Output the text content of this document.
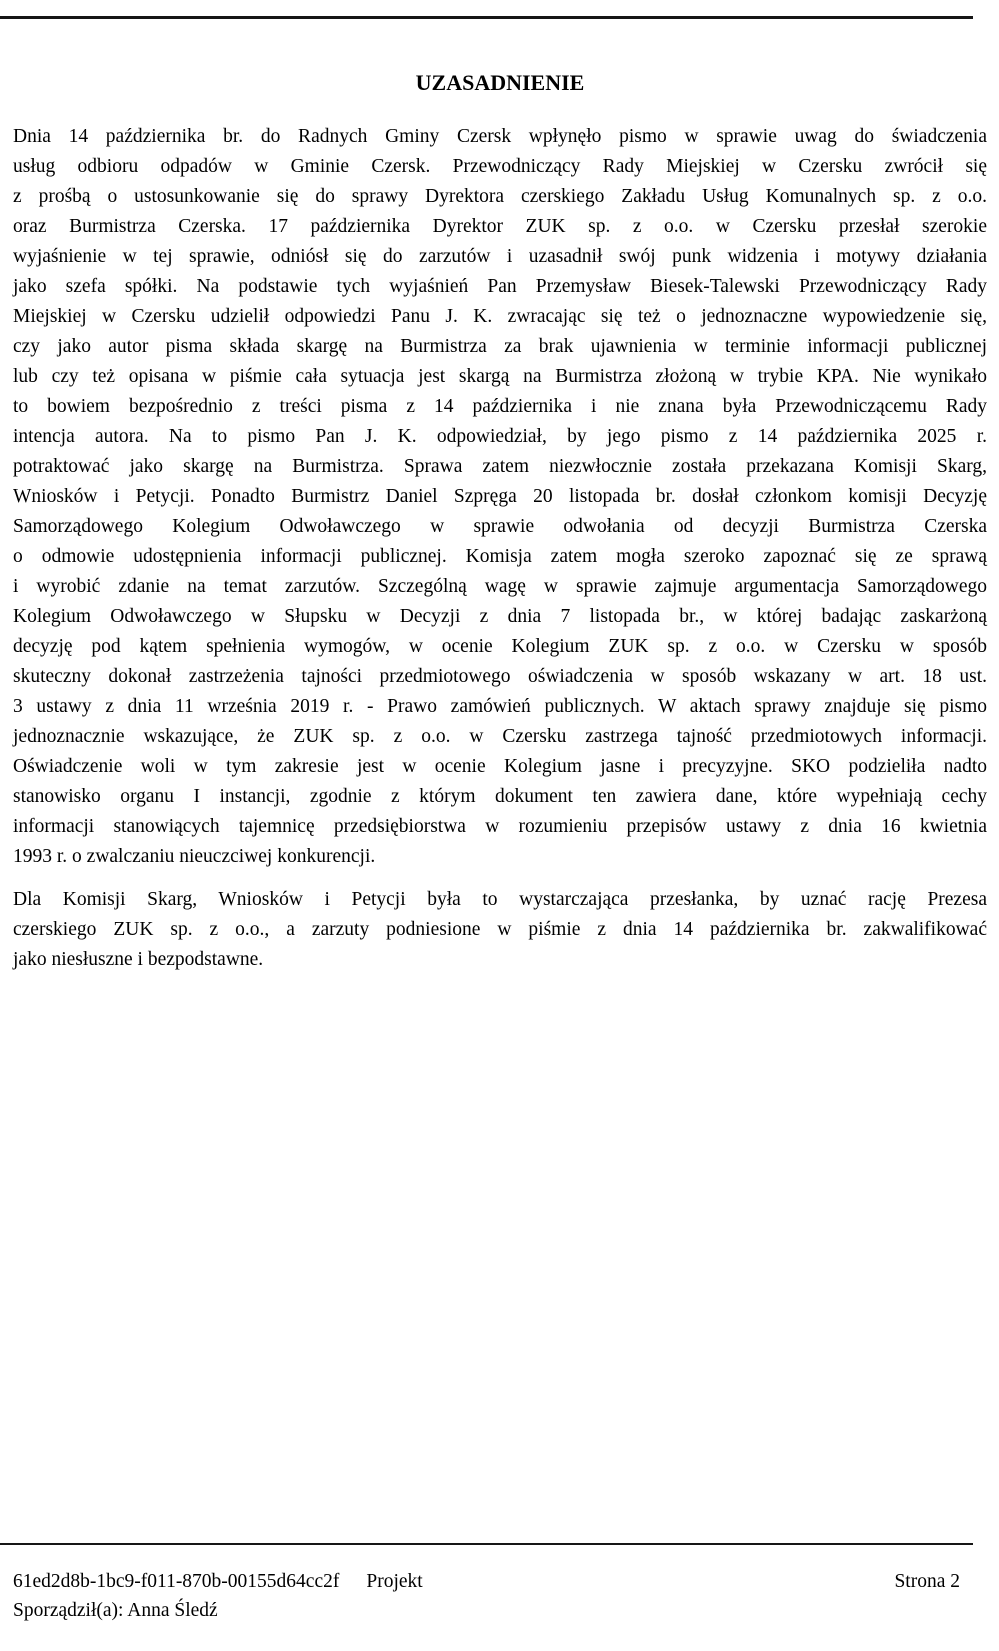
UZASADNIENIE
Dnia 14 października br. do Radnych Gminy Czersk wpłynęło pismo w sprawie uwag do świadczenia
usług odbioru odpadów w Gminie Czersk. Przewodniczący Rady Miejskiej w Czersku zwrócił się
z prośbą o ustosunkowanie się do sprawy Dyrektora czerskiego Zakładu Usług Komunalnych sp. z o.o.
oraz Burmistrza Czerska. 17 października Dyrektor ZUK sp. z o.o. w Czersku przesłał szerokie
wyjaśnienie w tej sprawie, odniósł się do zarzutów i uzasadnił swój punk widzenia i motywy działania
jako szefa spółki. Na podstawie tych wyjaśnień Pan Przemysław Biesek-Talewski Przewodniczący Rady
Miejskiej w Czersku udzielił odpowiedzi Panu J. K. zwracając się też o jednoznaczne wypowiedzenie się,
czy jako autor pisma składa skargę na Burmistrza za brak ujawnienia w terminie informacji publicznej
lub czy też opisana w piśmie cała sytuacja jest skargą na Burmistrza złożoną w trybie KPA. Nie wynikało
to bowiem bezpośrednio z treści pisma z 14 października i nie znana była Przewodniczącemu Rady
intencja autora. Na to pismo Pan J. K. odpowiedział, by jego pismo z 14 października 2025 r.
potraktować jako skargę na Burmistrza. Sprawa zatem niezwłocznie została przekazana Komisji Skarg,
Wniosków i Petycji. Ponadto Burmistrz Daniel Szpręga 20 listopada br. dosłał członkom komisji Decyzję
Samorządowego Kolegium Odwoławczego w sprawie odwołania od decyzji Burmistrza Czerska
o odmowie udostępnienia informacji publicznej. Komisja zatem mogła szeroko zapoznać się ze sprawą
i wyrobić zdanie na temat zarzutów. Szczególną wagę w sprawie zajmuje argumentacja Samorządowego
Kolegium Odwoławczego w Słupsku w Decyzji z dnia 7 listopada br., w której badając zaskarżoną
decyzję pod kątem spełnienia wymogów, w ocenie Kolegium ZUK sp. z o.o. w Czersku w sposób
skuteczny dokonał zastrzeżenia tajności przedmiotowego oświadczenia w sposób wskazany w art. 18 ust.
3 ustawy z dnia 11 września 2019 r. - Prawo zamówień publicznych. W aktach sprawy znajduje się pismo
jednoznacznie wskazujące, że ZUK sp. z o.o. w Czersku zastrzega tajność przedmiotowych informacji.
Oświadczenie woli w tym zakresie jest w ocenie Kolegium jasne i precyzyjne. SKO podzieliła nadto
stanowisko organu I instancji, zgodnie z którym dokument ten zawiera dane, które wypełniają cechy
informacji stanowiących tajemnicę przedsiębiorstwa w rozumieniu przepisów ustawy z dnia 16 kwietnia
1993 r. o zwalczaniu nieuczciwej konkurencji.
Dla Komisji Skarg, Wniosków i Petycji była to wystarczająca przesłanka, by uznać rację Prezesa
czerskiego ZUK sp. z o.o., a zarzuty podniesione w piśmie z dnia 14 października br. zakwalifikować
jako niesłuszne i bezpodstawne.
61ed2d8b-1bc9-f011-870b-00155d64cc2f Projekt	Strona 2
Sporządził(a): Anna Śledź
